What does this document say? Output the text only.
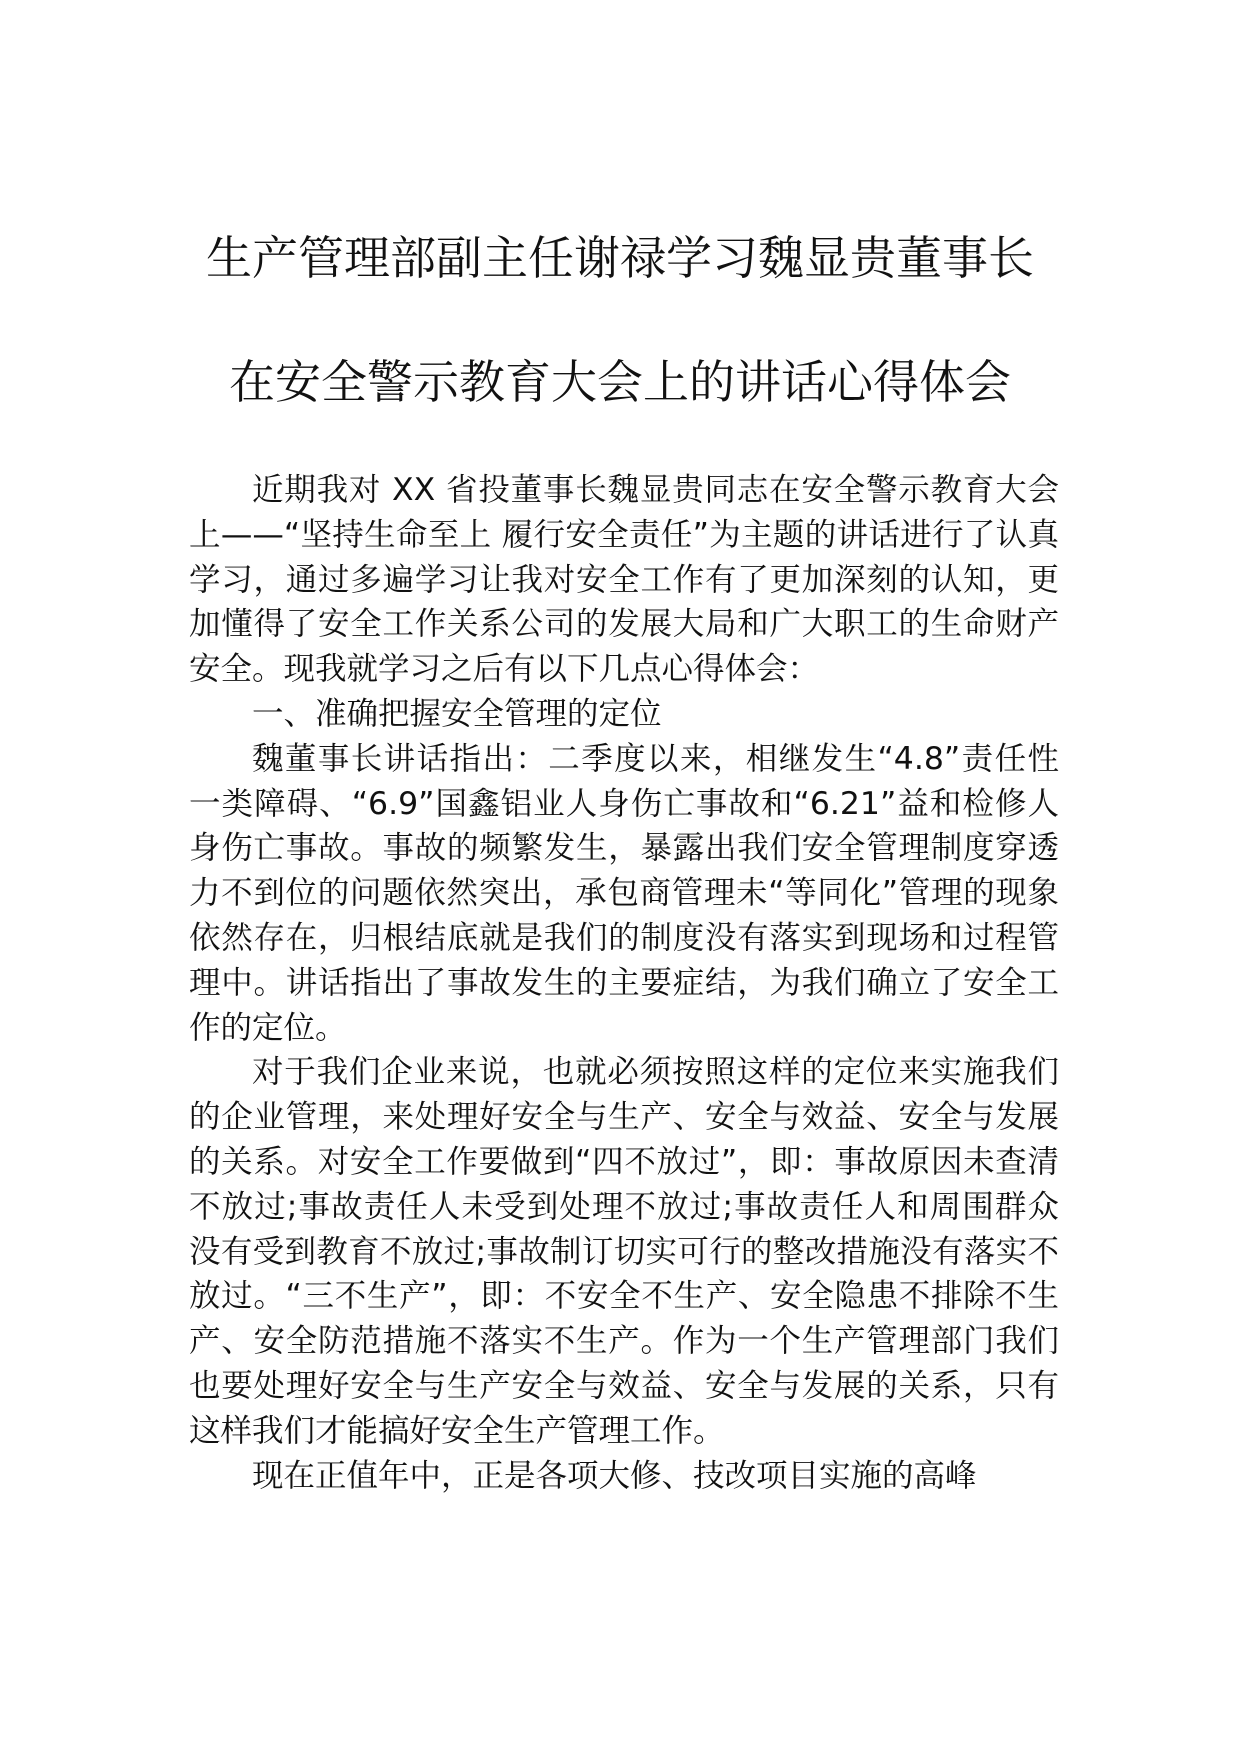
生产管理部副主任谢禄学习魏显贵董事长
在安全警示教育大会上的讲话心得体会

近期我对 XX 省投董事长魏显贵同志在安全警示教育大会上——“坚持生命至上 履行安全责任”为主题的讲话进行了认真学习，通过多遍学习让我对安全工作有了更加深刻的认知，更加懂得了安全工作关系公司的发展大局和广大职工的生命财产安全。现我就学习之后有以下几点心得体会：

一、准确把握安全管理的定位

魏董事长讲话指出：二季度以来，相继发生“4.8”责任性一类障碍、“6.9”国鑫铝业人身伤亡事故和“6.21”益和检修人身伤亡事故。事故的频繁发生，暴露出我们安全管理制度穿透力不到位的问题依然突出，承包商管理未“等同化”管理的现象依然存在，归根结底就是我们的制度没有落实到现场和过程管理中。讲话指出了事故发生的主要症结，为我们确立了安全工作的定位。

对于我们企业来说，也就必须按照这样的定位来实施我们的企业管理，来处理好安全与生产、安全与效益、安全与发展的关系。对安全工作要做到“四不放过”，即：事故原因未查清不放过;事故责任人未受到处理不放过;事故责任人和周围群众没有受到教育不放过;事故制订切实可行的整改措施没有落实不放过。“三不生产”，即：不安全不生产、安全隐患不排除不生产、安全防范措施不落实不生产。作为一个生产管理部门我们也要处理好安全与生产安全与效益、安全与发展的关系，只有这样我们才能搞好安全生产管理工作。

现在正值年中，正是各项大修、技改项目实施的高峰
